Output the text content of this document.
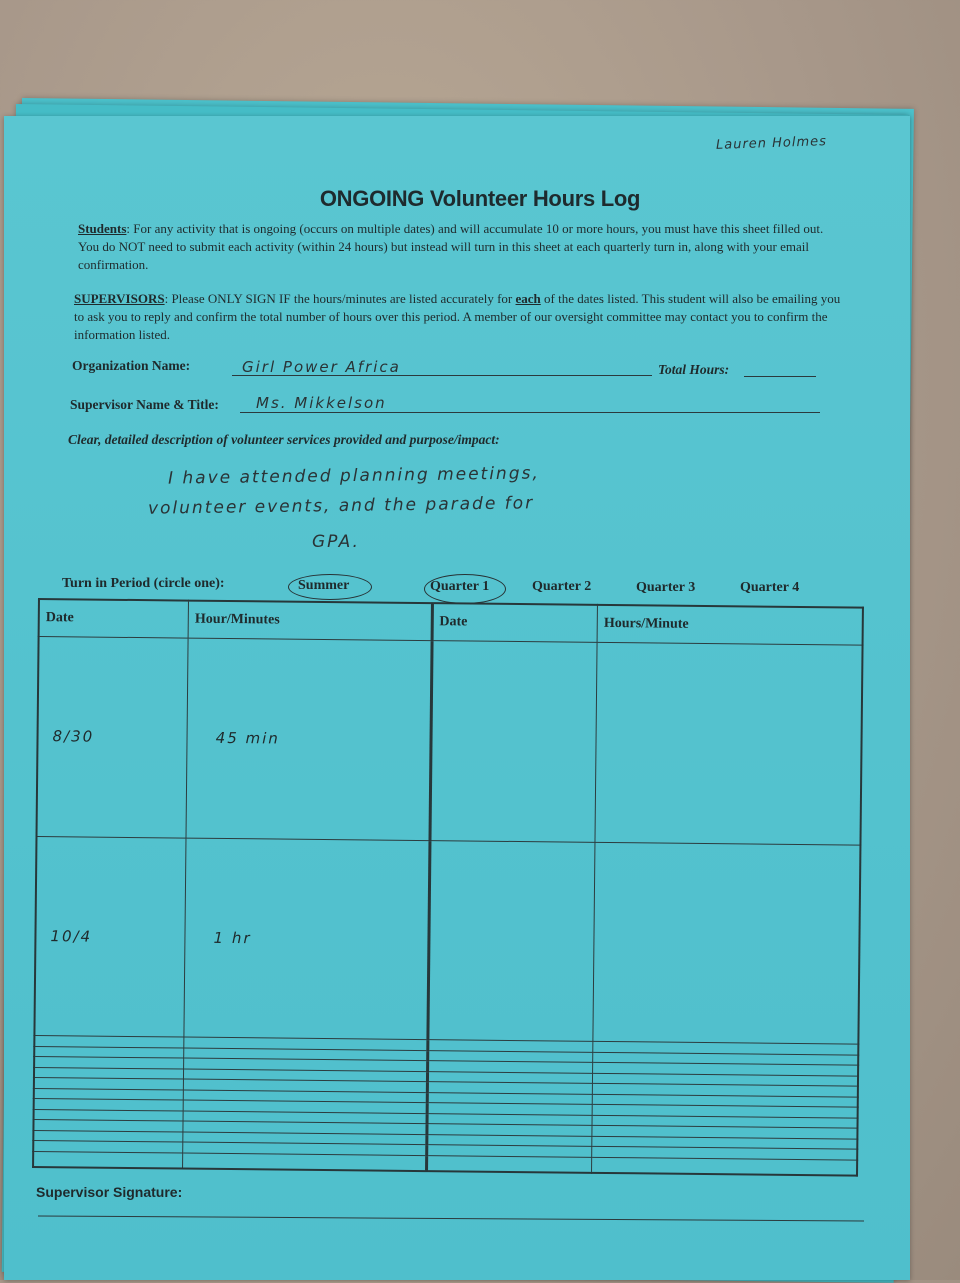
Lauren Holmes
ONGOING Volunteer Hours Log
Students: For any activity that is ongoing (occurs on multiple dates) and will accumulate 10 or more hours, you must have this sheet filled out. You do NOT need to submit each activity (within 24 hours) but instead will turn in this sheet at each quarterly turn in, along with your email confirmation.
SUPERVISORS: Please ONLY SIGN IF the hours/minutes are listed accurately for each of the dates listed. This student will also be emailing you to ask you to reply and confirm the total number of hours over this period. A member of our oversight committee may contact you to confirm the information listed.
Organization Name:	Girl Power Africa	Total Hours:
Supervisor Name & Title: Ms. Mikkelson
Clear, detailed description of volunteer services provided and purpose/impact:
I have attended planning meetings,
volunteer events, and the parade for
GPA.
Turn in Period (circle one):	Summer	Quarter 1	Quarter 2	Quarter 3	Quarter 4
Date	Hour/Minutes	Date	Hours/Minute
8/30	45 min		
10/4	1 hr		

Supervisor Signature:
